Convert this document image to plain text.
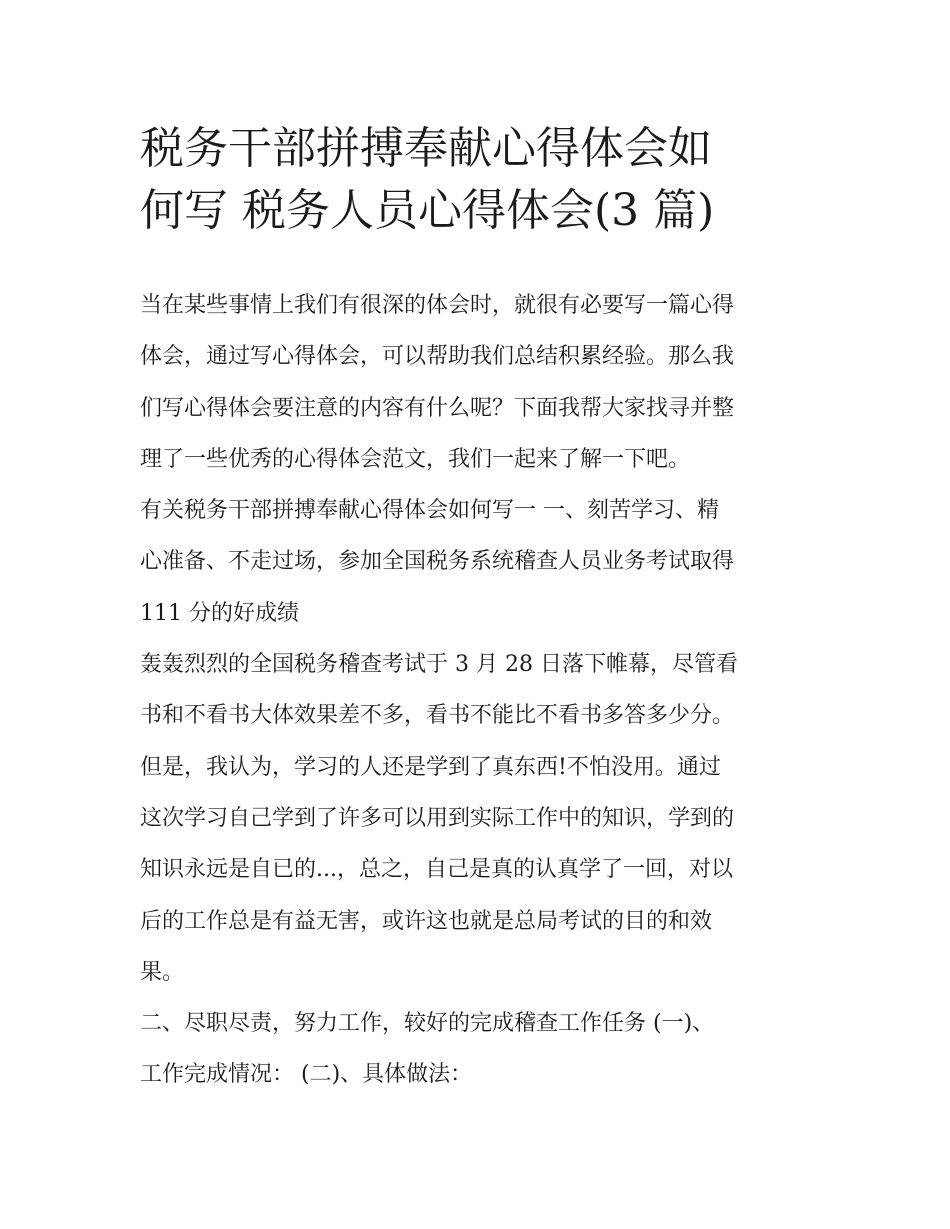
税务干部拼搏奉献心得体会如
何写 税务人员心得体会(3 篇)
当在某些事情上我们有很深的体会时，就很有必要写一篇心得
体会，通过写心得体会，可以帮助我们总结积累经验。那么我
们写心得体会要注意的内容有什么呢？下面我帮大家找寻并整
理了一些优秀的心得体会范文，我们一起来了解一下吧。
有关税务干部拼搏奉献心得体会如何写一 一、刻苦学习、精
心准备、不走过场，参加全国税务系统稽查人员业务考试取得
111 分的好成绩
轰轰烈烈的全国税务稽查考试于 3 月 28 日落下帷幕，尽管看
书和不看书大体效果差不多，看书不能比不看书多答多少分。
但是，我认为，学习的人还是学到了真东西!不怕没用。通过
这次学习自己学到了许多可以用到实际工作中的知识，学到的
知识永远是自已的...，总之，自己是真的认真学了一回，对以
后的工作总是有益无害，或许这也就是总局考试的目的和效
果。
二、尽职尽责，努力工作，较好的完成稽查工作任务 (一)、
工作完成情况： (二)、具体做法：
